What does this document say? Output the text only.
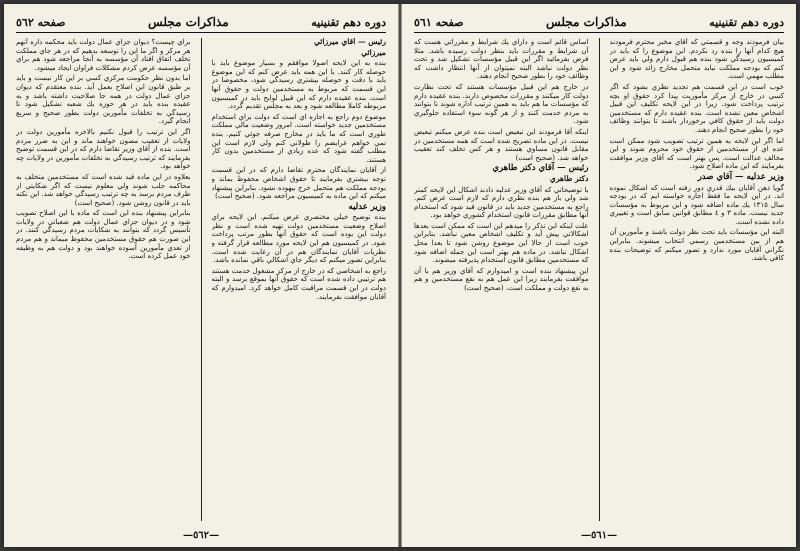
دوره دهم تقنينيه
مذاكرات مجلس
صفحه ٥٦٢

رئيس — آقاي ميرزائي

ميرزائي

بنده به اين لايحه اصولا موافقم و بسيار موضوع بايد با حوصله كار كنند. با اين همه بايد عرض كنم كه اين موضوع بايد با دقت و حوصله بيشتري رسيدگي شود، مخصوصا در اين قسمت كه مربوط به مستخدمين دولت و حقوق آنها است. بنده عقيده دارم كه اين قبيل لوايح بايد در كميسيون مربوطه كاملا مطالعه شود و بعد به مجلس تقديم گردد.

موضوع دوم راجع به اجازه اي است كه دولت براي استخدام مستخدمين جديد خواسته است. امروز وضعيت مالي مملكت طوري است كه ما بايد در مخارج صرفه جوئي كنيم. بنده نمي خواهم عرايضم را طولاني كنم ولي لازم است اين مطلب گفته شود كه عده زيادي از مستخدمين بدون كار هستند.

از آقايان نمايندگان محترم تقاضا دارم كه در اين قسمت توجه بيشتري بفرمايند تا حقوق اشخاص محفوظ بماند و بودجه مملكت هم متحمل خرج بيهوده نشود. بنابراين پيشنهاد ميكنم كه اين ماده به كميسيون مراجعه شود. (صحيح است)

وزير عدليه

بنده توضيح خيلي مختصري عرض ميكنم. اين لايحه براي اصلاح وضعيت مستخدمين دولت تهيه شده است و نظر دولت اين بوده است كه حقوق آنها بطور مرتب پرداخت شود. در كميسيون هم اين لايحه مورد مطالعه قرار گرفته و نظريات آقايان نمايندگان هم در آن رعايت شده است. بنابراين تصور ميكنم كه ديگر جاي اشكالي باقي نمانده باشد.

راجع به اشخاصي كه در خارج از مركز مشغول خدمت هستند هم ترتيبي داده شده است كه حقوق آنها بموقع برسد و البته دولت در اين قسمت مراقبت كامل خواهد كرد. اميدوارم كه آقايان موافقت بفرمايند.

براي چيست؟ ديوان جزاي عمال دولت بايد محكمه داره آنهم هر مركز و اگر ما اين را توسعه بدهيم كه در هر جاي مملكت تخلف اتفاق افتاد آن مؤسسه به آنجا مراجعه شود هم براي آن مؤسسه عرض كردم مشكلات فراوان ايجاد ميشود.

اما بدون نظر حكومت مركزي كسي بر اين كار نيست و بايد بر طبق قانون اين اصلاح بعمل آيد. بنده معتقدم كه ديوان جزاي عمال دولت در همه جا صلاحيت داشته باشد و به عقيده بنده بايد در هر حوزه يك شعبه تشكيل شود تا رسيدگي به تخلفات مأمورين دولت بطور صحيح و سريع انجام گيرد.

اگر اين ترتيب را قبول نكنيم بالاخره مأمورين دولت در ولايات از تعقيب مصون خواهند ماند و اين به ضرر مردم است. بنده از آقاي وزير تقاضا دارم كه در اين قسمت توضيح بفرمايند كه ترتيب رسيدگي به تخلفات مأمورين در ولايات چه خواهد بود.

بعلاوه در اين ماده قيد شده است كه مستخدمين متخلف به محاكمه جلب شوند ولي معلوم نيست كه اگر شكايتي از طرف مردم برسد به چه ترتيب رسيدگي خواهد شد. اين نكته بايد در قانون روشن شود. (صحيح است)

بنابراين پيشنهاد بنده اين است كه ماده با اين اصلاح تصويب شود و در ديوان جزاي عمال دولت هم شعباتي در ولايات تأسيس گردد كه بتوانند به شكايات مردم رسيدگي كنند. در اين صورت هم حقوق مستخدمين محفوظ ميماند و هم مردم از تعدي مأمورين آسوده خواهند بود و دولت هم به وظيفه خود عمل كرده است.

—٥٦٢—
دوره دهم تقنينيه
مذاكرات مجلس
صفحه ٥٦١

بيان فرمودند وجه و قسمتي كه آقاي مخبر محترم فرمودند هيچ كدام آنها را بنده رد نكردم. اين موضوع را كه بايد در كميسيون رسيدگي شود بنده هم قبول دارم ولي بايد عرض كنم كه بودجه مملكت نبايد متحمل مخارج زائد شود و اين مطلب مهمي است.

خوب است در اين قسمت هم تجديد نظري بشود كه اگر كسي در خارج از مركز مأموريت پيدا كرد حقوق او بچه ترتيب پرداخت شود. زيرا در اين لايحه تكليف اين قبيل اشخاص معين نشده است. بنده عقيده دارم كه مستخدمين دولت بايد از حقوق كافي برخوردار باشند تا بتوانند وظائف خود را بطور صحيح انجام دهند.

اما اگر اين لايحه به همين ترتيب تصويب شود ممكن است عده اي از مستخدمين از حقوق خود محروم شوند و اين مخالف عدالت است. پس بهتر است كه آقاي وزير موافقت بفرمايند كه اين ماده اصلاح شود.

وزير عدليه — آقاي صدر

گويا ذهن آقايان بيك قدري دور رفته است كه اشكال نموده اند. در اين لايحه ما فقط اجازه خواسته ايم كه در بودجه سال ١٣١٥ يك ماده اضافه شود و اين مربوط به مؤسسات جديد نيست. ماده ٣ و ٤ مطابق قوانين سابق است و تغييري داده نشده است.

البته اين مؤسسات بايد تحت نظر دولت باشند و مأمورين آن هم از بين مستخدمين رسمي انتخاب ميشوند. بنابراين نگراني آقايان مورد ندارد و تصور ميكنم كه توضيحات بنده كافي باشد.

اساس قائم است و داراي يك شرايط و مقرراتي هست كه آن شرايط و مقررات بايد بنظر دولت رسيده باشد. مثلا فرض بفرمائيد اگر اين قبيل مؤسسات تشكيل شد و تحت نظر دولت نباشد البته نميتوان از آنها انتظار داشت كه وظائف خود را بطور صحيح انجام دهند.

در خارج هم اين قبيل مؤسسات هستند كه تحت نظارت دولت كار ميكنند و مقررات مخصوص دارند. بنده عقيده دارم كه مؤسسات ما هم بايد به همين ترتيب اداره شوند تا بتوانند به مردم خدمت كنند و از هر گونه سوء استفاده جلوگيري شود.

اينكه آقا فرمودند اين تبعيض است بنده عرض ميكنم تبعيض نيست. در اين ماده تصريح شده است كه همه مستخدمين در مقابل قانون مساوي هستند و هر كس تخلف كند تعقيب خواهد شد. (صحيح است)

رئيس — آقاي دكتر طاهري

دكتر طاهري

با توضيحاتي كه آقاي وزير عدليه دادند اشكال اين لايحه كمتر شد ولي باز هم بنده نظري دارم كه لازم است عرض كنم. راجع به مستخدمين جديد بايد در قانون قيد شود كه استخدام آنها مطابق مقررات قانون استخدام كشوري خواهد بود.

علت اينكه اين تذكر را ميدهم اين است كه ممكن است بعدها اشكالاتي پيش آيد و تكليف اشخاص معين نباشد. بنابراين خوب است از حالا اين موضوع روشن شود تا بعدا محل اشكال نباشد. در ماده هم بهتر است اين جمله اضافه شود كه مستخدمين مطابق قانون استخدام پذيرفته ميشوند.

اين پيشنهاد بنده است و اميدوارم كه آقاي وزير هم با آن موافقت بفرمايند زيرا اين عمل هم به نفع مستخدمين و هم به نفع دولت و مملكت است. (صحيح است)

—٥٦١—
